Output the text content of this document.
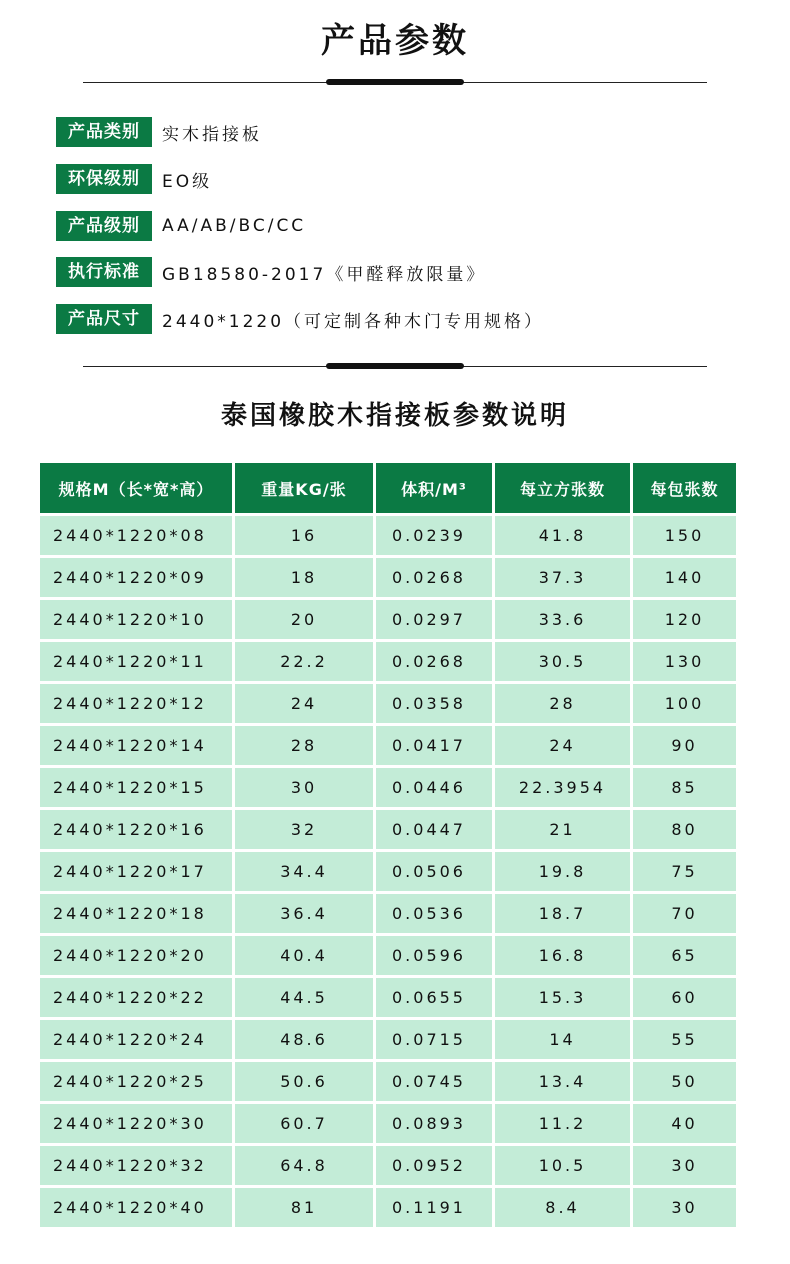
产品参数
产品类别	实木指接板
环保级别	EO级
产品级别	AA/AB/BC/CC
执行标准	GB18580-2017《甲醛释放限量》
产品尺寸	2440*1220（可定制各种木门专用规格）
泰国橡胶木指接板参数说明
规格M（长*宽*高）	重量KG/张	体积/M³	每立方张数	每包张数
2440*1220*08	16	0.0239	41.8	150
2440*1220*09	18	0.0268	37.3	140
2440*1220*10	20	0.0297	33.6	120
2440*1220*11	22.2	0.0268	30.5	130
2440*1220*12	24	0.0358	28	100
2440*1220*14	28	0.0417	24	90
2440*1220*15	30	0.0446	22.3954	85
2440*1220*16	32	0.0447	21	80
2440*1220*17	34.4	0.0506	19.8	75
2440*1220*18	36.4	0.0536	18.7	70
2440*1220*20	40.4	0.0596	16.8	65
2440*1220*22	44.5	0.0655	15.3	60
2440*1220*24	48.6	0.0715	14	55
2440*1220*25	50.6	0.0745	13.4	50
2440*1220*30	60.7	0.0893	11.2	40
2440*1220*32	64.8	0.0952	10.5	30
2440*1220*40	81	0.1191	8.4	30
